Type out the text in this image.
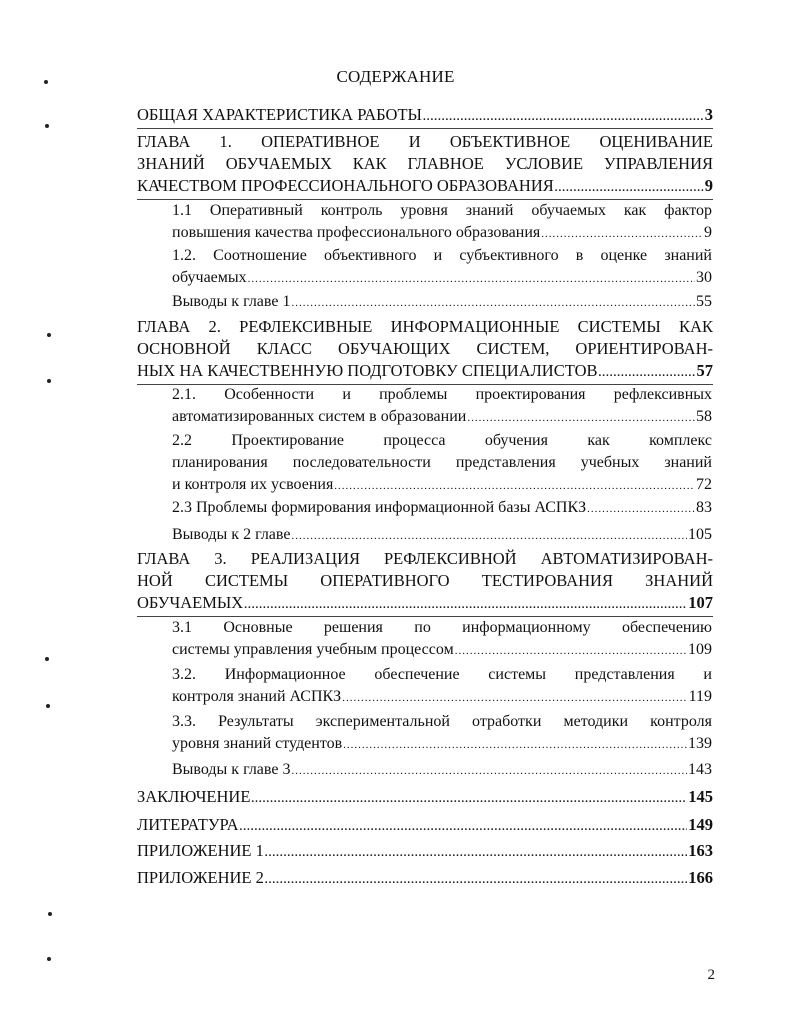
СОДЕРЖАНИЕ
ОБЩАЯ ХАРАКТЕРИСТИКА РАБОТЫ .....	3
ГЛАВА 1. ОПЕРАТИВНОЕ И ОБЪЕКТИВНОЕ ОЦЕНИВАНИЕ
ЗНАНИЙ ОБУЧАЕМЫХ КАК ГЛАВНОЕ УСЛОВИЕ УПРАВЛЕНИЯ
КАЧЕСТВОМ ПРОФЕССИОНАЛЬНОГО ОБРАЗОВАНИЯ .....	9
1.1 Оперативный контроль уровня знаний обучаемых как фактор
повышения качества профессионального образования .....	9
1.2. Соотношение объективного и субъективного в оценке знаний
обучаемых .....	30
Выводы к главе 1 .....	55
ГЛАВА 2. РЕФЛЕКСИВНЫЕ ИНФОРМАЦИОННЫЕ СИСТЕМЫ КАК
ОСНОВНОЙ КЛАСС ОБУЧАЮЩИХ СИСТЕМ, ОРИЕНТИРОВАН-
НЫХ НА КАЧЕСТВЕННУЮ ПОДГОТОВКУ СПЕЦИАЛИСТОВ .....	57
2.1. Особенности и проблемы проектирования рефлексивных
автоматизированных систем в образовании .....	58
2.2 Проектирование процесса обучения как комплекс
планирования последовательности представления учебных знаний
и контроля их усвоения .....	72
2.3 Проблемы формирования информационной базы АСПКЗ .....	83
Выводы к 2 главе .....	105
ГЛАВА 3. РЕАЛИЗАЦИЯ РЕФЛЕКСИВНОЙ АВТОМАТИЗИРОВАН-
НОЙ СИСТЕМЫ ОПЕРАТИВНОГО ТЕСТИРОВАНИЯ ЗНАНИЙ
ОБУЧАЕМЫХ .....	107
3.1 Основные решения по информационному обеспечению
системы управления учебным процессом .....	109
3.2. Информационное обеспечение системы представления и
контроля знаний АСПКЗ .....	119
3.3. Результаты экспериментальной отработки методики контроля
уровня знаний студентов .....	139
Выводы к главе 3 .....	143
ЗАКЛЮЧЕНИЕ .....	145
ЛИТЕРАТУРА .....	149
ПРИЛОЖЕНИЕ 1 .....	163
ПРИЛОЖЕНИЕ 2 .....	166
2
